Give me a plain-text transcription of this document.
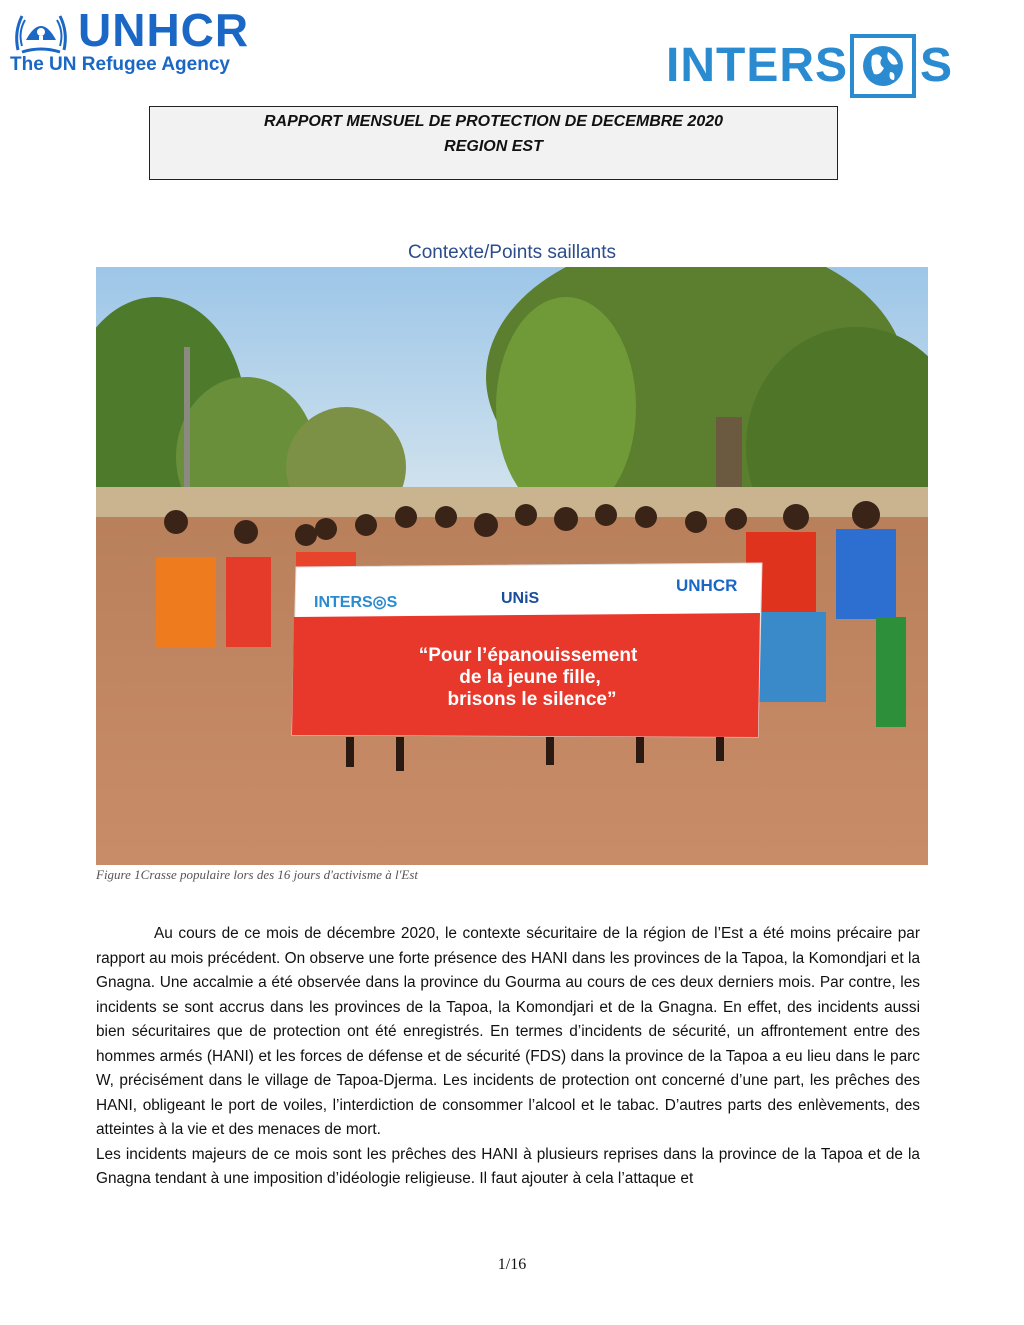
UNHCR
The UN Refugee Agency	INTERS S
RAPPORT MENSUEL DE PROTECTION DE DECEMBRE 2020
REGION EST
Contexte/Points saillants
INTERS◎S	UNiS
UNHCR
“Pour l’épanouissement
de la jeune fille,
brisons le silence”
Figure 1Crasse populaire lors des 16 jours d'activisme à l'Est

Au cours de ce mois de décembre 2020, le contexte sécuritaire de la région de l’Est a été moins précaire par rapport au mois précédent. On observe une forte présence des HANI dans les provinces de la Tapoa, la Komondjari et la Gnagna. Une accalmie a été observée dans la province du Gourma au cours de ces deux derniers mois. Par contre, les incidents se sont accrus dans les provinces de la Tapoa, la Komondjari et de la Gnagna. En effet, des incidents aussi bien sécuritaires que de protection ont été enregistrés. En termes d’incidents de sécurité, un affrontement entre des hommes armés (HANI) et les forces de défense et de sécurité (FDS) dans la province de la Tapoa a eu lieu dans le parc W, précisément dans le village de Tapoa-Djerma. Les incidents de protection ont concerné d’une part, les prêches des HANI, obligeant le port de voiles, l’interdiction de consommer l’alcool et le tabac. D’autres parts des enlèvements, des atteintes à la vie et des menaces de mort.

Les incidents majeurs de ce mois sont les prêches des HANI à plusieurs reprises dans la province de la Tapoa et de la Gnagna tendant à une imposition d’idéologie religieuse. Il faut ajouter à cela l’attaque et

1/16
